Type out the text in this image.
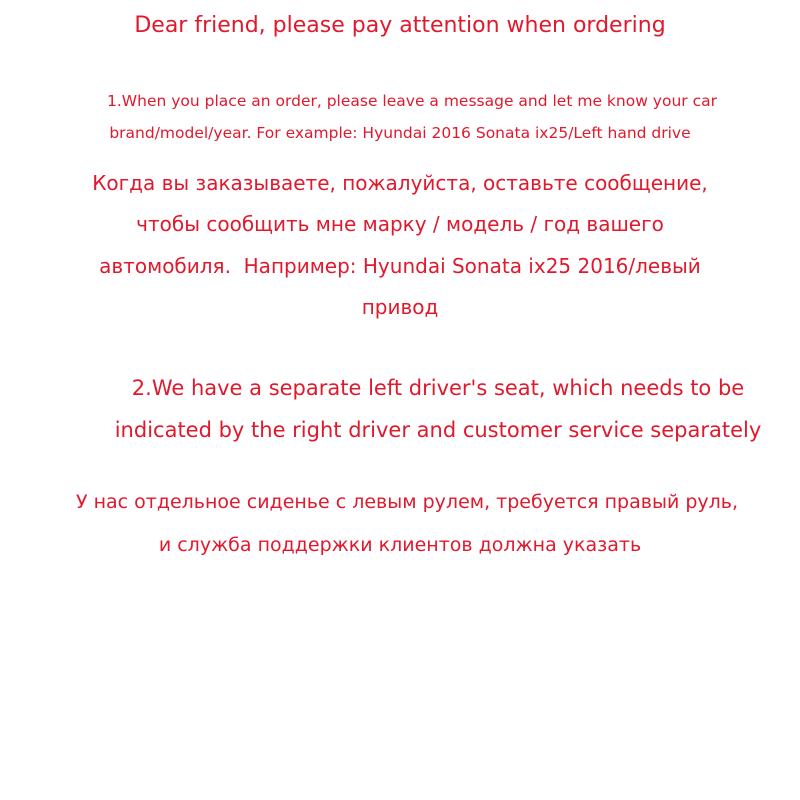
Dear friend, please pay attention when ordering
1.When you place an order, please leave a message and let me know your car
brand/model/year. For example: Hyundai 2016 Sonata ix25/Left hand drive
Когда вы заказываете, пожалуйста, оставьте сообщение,
чтобы сообщить мне марку / модель / год вашего
автомобиля.  Например: Hyundai Sonata ix25 2016/левый
привод
2.We have a separate left driver's seat, which needs to be
indicated by the right driver and customer service separately
У нас отдельное сиденье с левым рулем, требуется правый руль,
и служба поддержки клиентов должна указать
